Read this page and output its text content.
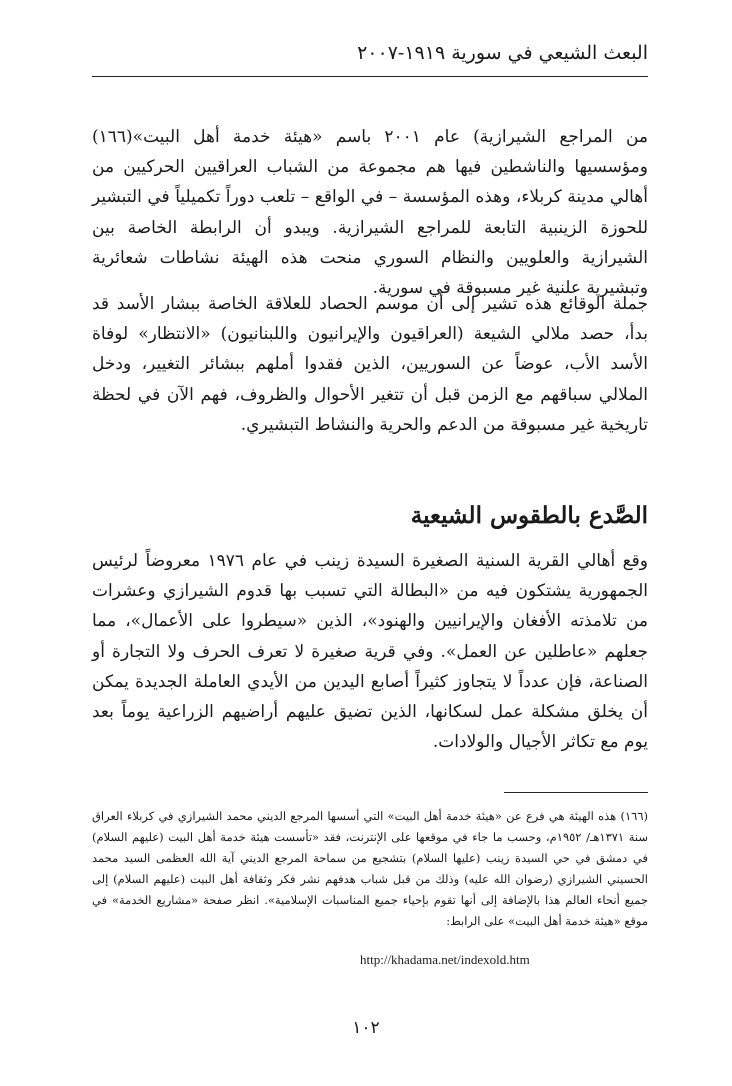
البعث الشيعي في سورية ١٩١٩-٢٠٠٧

من المراجع الشيرازية) عام ٢٠٠١ باسم «هيئة خدمة أهل البيت»(١٦٦) ومؤسسيها والناشطين فيها هم مجموعة من الشباب العراقيين الحركيين من أهالي مدينة كربلاء، وهذه المؤسسة – في الواقع – تلعب دوراً تكميلياً في التبشير للحوزة الزينبية التابعة للمراجع الشيرازية. ويبدو أن الرابطة الخاصة بين الشيرازية والعلويين والنظام السوري منحت هذه الهيئة نشاطات شعائرية وتبشيرية علنية غير مسبوقة في سورية.

جملة الوقائع هذه تشير إلى أن موسم الحصاد للعلاقة الخاصة ببشار الأسد قد بدأ، حصد ملالي الشيعة (العراقيون والإيرانيون واللبنانيون) «الانتظار» لوفاة الأسد الأب، عوضاً عن السوريين، الذين فقدوا أملهم ببشائر التغيير، ودخل الملالي سباقهم مع الزمن قبل أن تتغير الأحوال والظروف، فهم الآن في لحظة تاريخية غير مسبوقة من الدعم والحرية والنشاط التبشيري.

الصَّدع بالطقوس الشيعية

وقع أهالي القرية السنية الصغيرة السيدة زينب في عام ١٩٧٦ معروضاً لرئيس الجمهورية يشتكون فيه من «البطالة التي تسبب بها قدوم الشيرازي وعشرات من تلامذته الأفغان والإيرانيين والهنود»، الذين «سيطروا على الأعمال»، مما جعلهم «عاطلين عن العمل». وفي قرية صغيرة لا تعرف الحرف ولا التجارة أو الصناعة، فإن عدداً لا يتجاوز كثيراً أصابع اليدين من الأيدي العاملة الجديدة يمكن أن يخلق مشكلة عمل لسكانها، الذين تضيق عليهم أراضيهم الزراعية يوماً بعد يوم مع تكاثر الأجيال والولادات.

(١٦٦) هذه الهيئة هي فرع عن «هيئة خدمة أهل البيت» التي أسسها المرجع الديني محمد الشيرازي في كربلاء العراق سنة ١٣٧١هـ/ ١٩٥٢م، وحسب ما جاء في موقعها على الإنترنت، فقد «تأسست هيئة خدمة أهل البيت (عليهم السلام) في دمشق في حي السيدة زينب (عليها السلام) بتشجيع من سماحة المرجع الديني آية الله العظمى السيد محمد الحسيني الشيرازي (رضوان الله عليه) وذلك من قبل شباب هدفهم نشر فكر وثقافة أهل البيت (عليهم السلام) إلى جميع أنحاء العالم هذا بالإضافة إلى أنها تقوم بإحياء جميع المناسبات الإسلامية». انظر صفحة «مشاريع الخدمة» في موقع «هيئة خدمة أهل البيت» على الرابط:

http://khadama.net/indexold.htm
١٠٢
